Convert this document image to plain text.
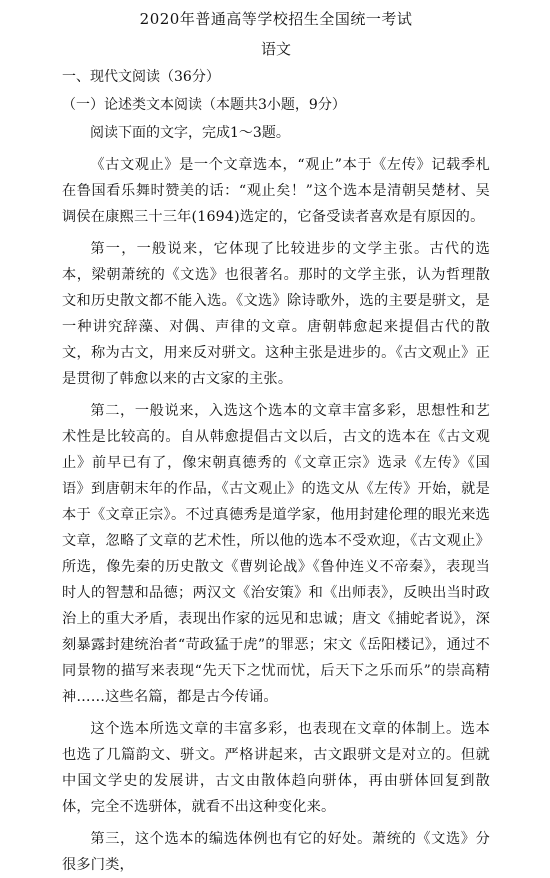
2020年普通高等学校招生全国统一考试
语文
一、现代文阅读（36分）
（一）论述类文本阅读（本题共3小题，9分）
阅读下面的文字，完成1～3题。

《古文观止》是一个文章选本，“观止”本于《左传》记载季札在鲁国看乐舞时赞美的话：“观止矣！”这个选本是清朝吴楚材、吴调侯在康熙三十三年(1694)选定的，它备受读者喜欢是有原因的。

第一，一般说来，它体现了比较进步的文学主张。古代的选本，梁朝萧统的《文选》也很著名。那时的文学主张，认为哲理散文和历史散文都不能入选。《文选》除诗歌外，选的主要是骈文，是一种讲究辞藻、对偶、声律的文章。唐朝韩愈起来提倡古代的散文，称为古文，用来反对骈文。这种主张是进步的。《古文观止》正是贯彻了韩愈以来的古文家的主张。

第二，一般说来，入选这个选本的文章丰富多彩，思想性和艺术性是比较高的。自从韩愈提倡古文以后，古文的选本在《古文观止》前早已有了，像宋朝真德秀的《文章正宗》选录《左传》《国语》到唐朝末年的作品，《古文观止》的选文从《左传》开始，就是本于《文章正宗》。不过真德秀是道学家，他用封建伦理的眼光来选文章，忽略了文章的艺术性，所以他的选本不受欢迎，《古文观止》所选，像先秦的历史散文《曹刿论战》《鲁仲连义不帝秦》，表现当时人的智慧和品德；两汉文《治安策》和《出师表》，反映出当时政治上的重大矛盾，表现出作家的远见和忠诚；唐文《捕蛇者说》，深刻暴露封建统治者“苛政猛于虎”的罪恶；宋文《岳阳楼记》，通过不同景物的描写来表现“先天下之忧而忧，后天下之乐而乐”的崇高精神……这些名篇，都是古今传诵。

这个选本所选文章的丰富多彩，也表现在文章的体制上。选本也选了几篇韵文、骈文。严格讲起来，古文跟骈文是对立的。但就中国文学史的发展讲，古文由散体趋向骈体，再由骈体回复到散体，完全不选骈体，就看不出这种变化来。

第三，这个选本的编选体例也有它的好处。萧统的《文选》分很多门类，
